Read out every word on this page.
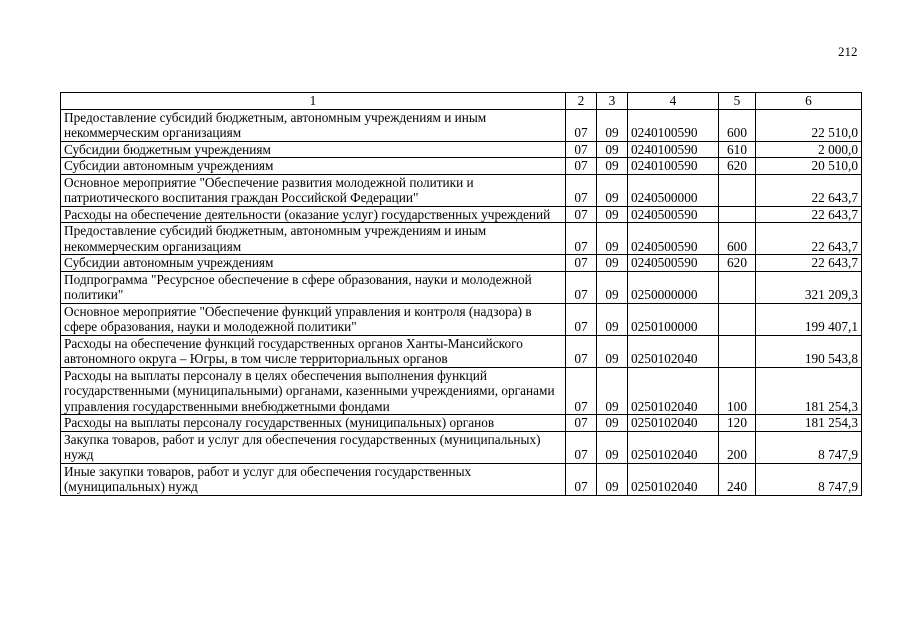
212
1	2	3	4	5	6
Предоставление субсидий бюджетным, автономным учреждениям и иным некоммерческим организациям	07	09	0240100590	600	22 510,0
Субсидии бюджетным учреждениям	07	09	0240100590	610	2 000,0
Субсидии автономным учреждениям	07	09	0240100590	620	20 510,0
Основное мероприятие "Обеспечение развития молодежной политики и патриотического воспитания граждан Российской Федерации"	07	09	0240500000		22 643,7
Расходы на обеспечение деятельности (оказание услуг) государственных учреждений	07	09	0240500590		22 643,7
Предоставление субсидий бюджетным, автономным учреждениям и иным некоммерческим организациям	07	09	0240500590	600	22 643,7
Субсидии автономным учреждениям	07	09	0240500590	620	22 643,7
Подпрограмма "Ресурсное обеспечение в сфере образования, науки и молодежной политики"	07	09	0250000000		321 209,3
Основное мероприятие "Обеспечение функций управления и контроля (надзора) в сфере образования, науки и молодежной политики"	07	09	0250100000		199 407,1
Расходы на обеспечение функций государственных органов Ханты-Мансийского автономного округа – Югры, в том числе территориальных органов	07	09	0250102040		190 543,8
Расходы на выплаты персоналу в целях обеспечения выполнения функций государственными (муниципальными) органами, казенными учреждениями, органами управления государственными внебюджетными фондами	07	09	0250102040	100	181 254,3
Расходы на выплаты персоналу государственных (муниципальных) органов	07	09	0250102040	120	181 254,3
Закупка товаров, работ и услуг для обеспечения государственных (муниципальных) нужд	07	09	0250102040	200	8 747,9
Иные закупки товаров, работ и услуг для обеспечения государственных (муниципальных) нужд	07	09	0250102040	240	8 747,9
